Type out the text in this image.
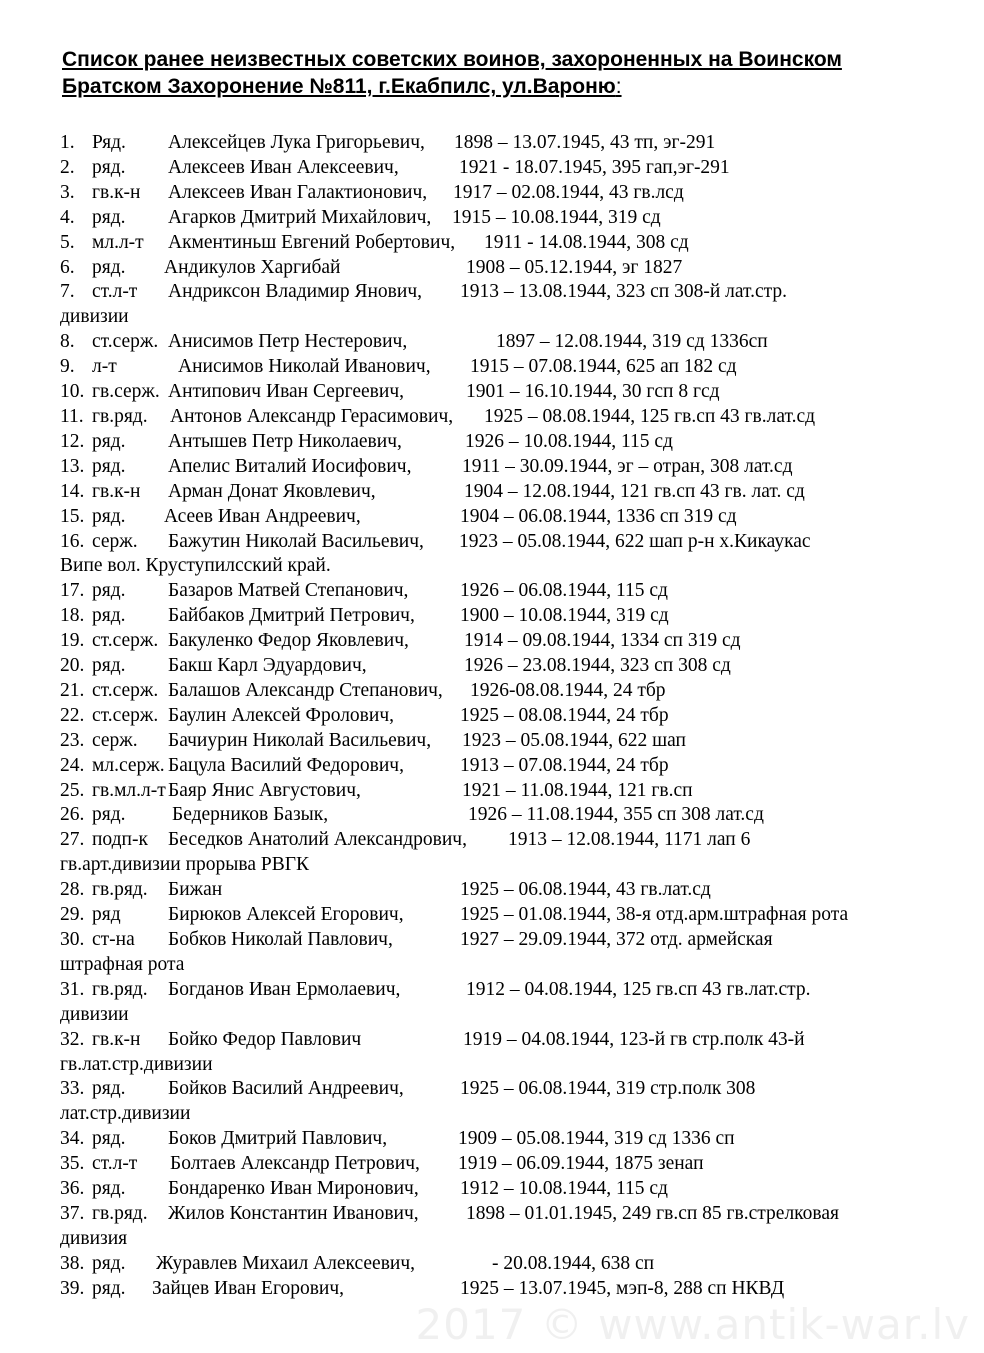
Список ранее неизвестных советских воинов, захороненных на Воинском
Братском Захоронение №811, г.Екабпилс, ул.Вароню:
1. Ряд. Алексейцев Лука Григорьевич, 1898 – 13.07.1945, 43 тп, эг-291
2. ряд. Алексеев Иван Алексеевич,	1921 - 18.07.1945, 395 гап,эг-291
3. гв.к-н Алексеев Иван Галактионович, 1917 – 02.08.1944, 43 гв.лсд
4. ряд. Агарков Дмитрий Михайлович, 1915 – 10.08.1944, 319 сд
5. мл.л-т Акментиньш Евгений Робертович, 1911 - 14.08.1944, 308 сд
6. ряд. Андикулов Харгибай	1908 – 05.12.1944, эг 1827
7. ст.л-т Андриксон Владимир Янович, 1913 – 13.08.1944, 323 сп 308-й лат.стр.
дивизии
8. ст.серж. Анисимов Петр Нестерович,	1897 – 12.08.1944, 319 сд 1336сп
9. л-т	Анисимов Николай Иванович, 1915 – 07.08.1944, 625 ап 182 сд
10. гв.серж. Антипович Иван Сергеевич,	1901 – 16.10.1944, 30 гсп 8 гсд
11. гв.ряд. Антонов Александр Герасимович, 1925 – 08.08.1944, 125 гв.сп 43 гв.лат.сд
12. ряд. Антышев Петр Николаевич,	1926 – 10.08.1944, 115 сд
13. ряд. Апелис Виталий Иосифович,	1911 – 30.09.1944, эг – отран, 308 лат.сд
14. гв.к-н Арман Донат Яковлевич,	1904 – 12.08.1944, 121 гв.сп 43 гв. лат. сд
15. ряд. Асеев Иван Андреевич,	1904 – 06.08.1944, 1336 сп 319 сд
16. серж. Бажутин Николай Васильевич, 1923 – 05.08.1944, 622 шап р-н х.Кикаукас
Випе вол. Круступилсский край.
17. ряд. Базаров Матвей Степанович,	1926 – 06.08.1944, 115 сд
18. ряд. Байбаков Дмитрий Петрович, 1900 – 10.08.1944, 319 сд
19. ст.серж. Бакуленко Федор Яковлевич,	1914 – 09.08.1944, 1334 сп 319 сд
20. ряд. Бакш Карл Эдуардович,	1926 – 23.08.1944, 323 сп 308 сд
21. ст.серж. Балашов Александр Степанович, 1926-08.08.1944, 24 тбр
22. ст.серж. Баулин Алексей Фролович,	1925 – 08.08.1944, 24 тбр
23. серж. Бачиурин Николай Васильевич, 1923 – 05.08.1944, 622 шап
24. мл.серж. Бацула Василий Федорович,	1913 – 07.08.1944, 24 тбр
25. гв.мл.л-т Баяр Янис Августович,	1921 – 11.08.1944, 121 гв.сп
26. ряд. Бедерников Базык,	1926 – 11.08.1944, 355 сп 308 лат.сд
27. подп-к Беседков Анатолий Александрович, 1913 – 12.08.1944, 1171 лап 6
гв.арт.дивизии прорыва РВГК
28. гв.ряд. Бижан	1925 – 06.08.1944, 43 гв.лат.сд
29. ряд Бирюков Алексей Егорович,	1925 – 01.08.1944, 38-я отд.арм.штрафная рота
30. ст-на Бобков Николай Павлович,	1927 – 29.09.1944, 372 отд. армейская
штрафная рота
31. гв.ряд. Богданов Иван Ермолаевич,	1912 – 04.08.1944, 125 гв.сп 43 гв.лат.стр.
дивизии
32. гв.к-н Бойко Федор Павлович	1919 – 04.08.1944, 123-й гв стр.полк 43-й
гв.лат.стр.дивизии
33. ряд. Бойков Василий Андреевич,	1925 – 06.08.1944, 319 стр.полк 308
лат.стр.дивизии
34. ряд. Боков Дмитрий Павлович,	1909 – 05.08.1944, 319 сд 1336 сп
35. ст.л-т Болтаев Александр Петрович, 1919 – 06.09.1944, 1875 зенап
36. ряд. Бондаренко Иван Миронович, 1912 – 10.08.1944, 115 сд
37. гв.ряд. Жилов Константин Иванович, 1898 – 01.01.1945, 249 гв.сп 85 гв.стрелковая
дивизия
38. ряд. Журавлев Михаил Алексеевич,	- 20.08.1944, 638 сп
39. ряд. Зайцев Иван Егорович,	1925 – 13.07.1945, мэп-8, 288 сп НКВД
2017 © www.antik-war.lv
